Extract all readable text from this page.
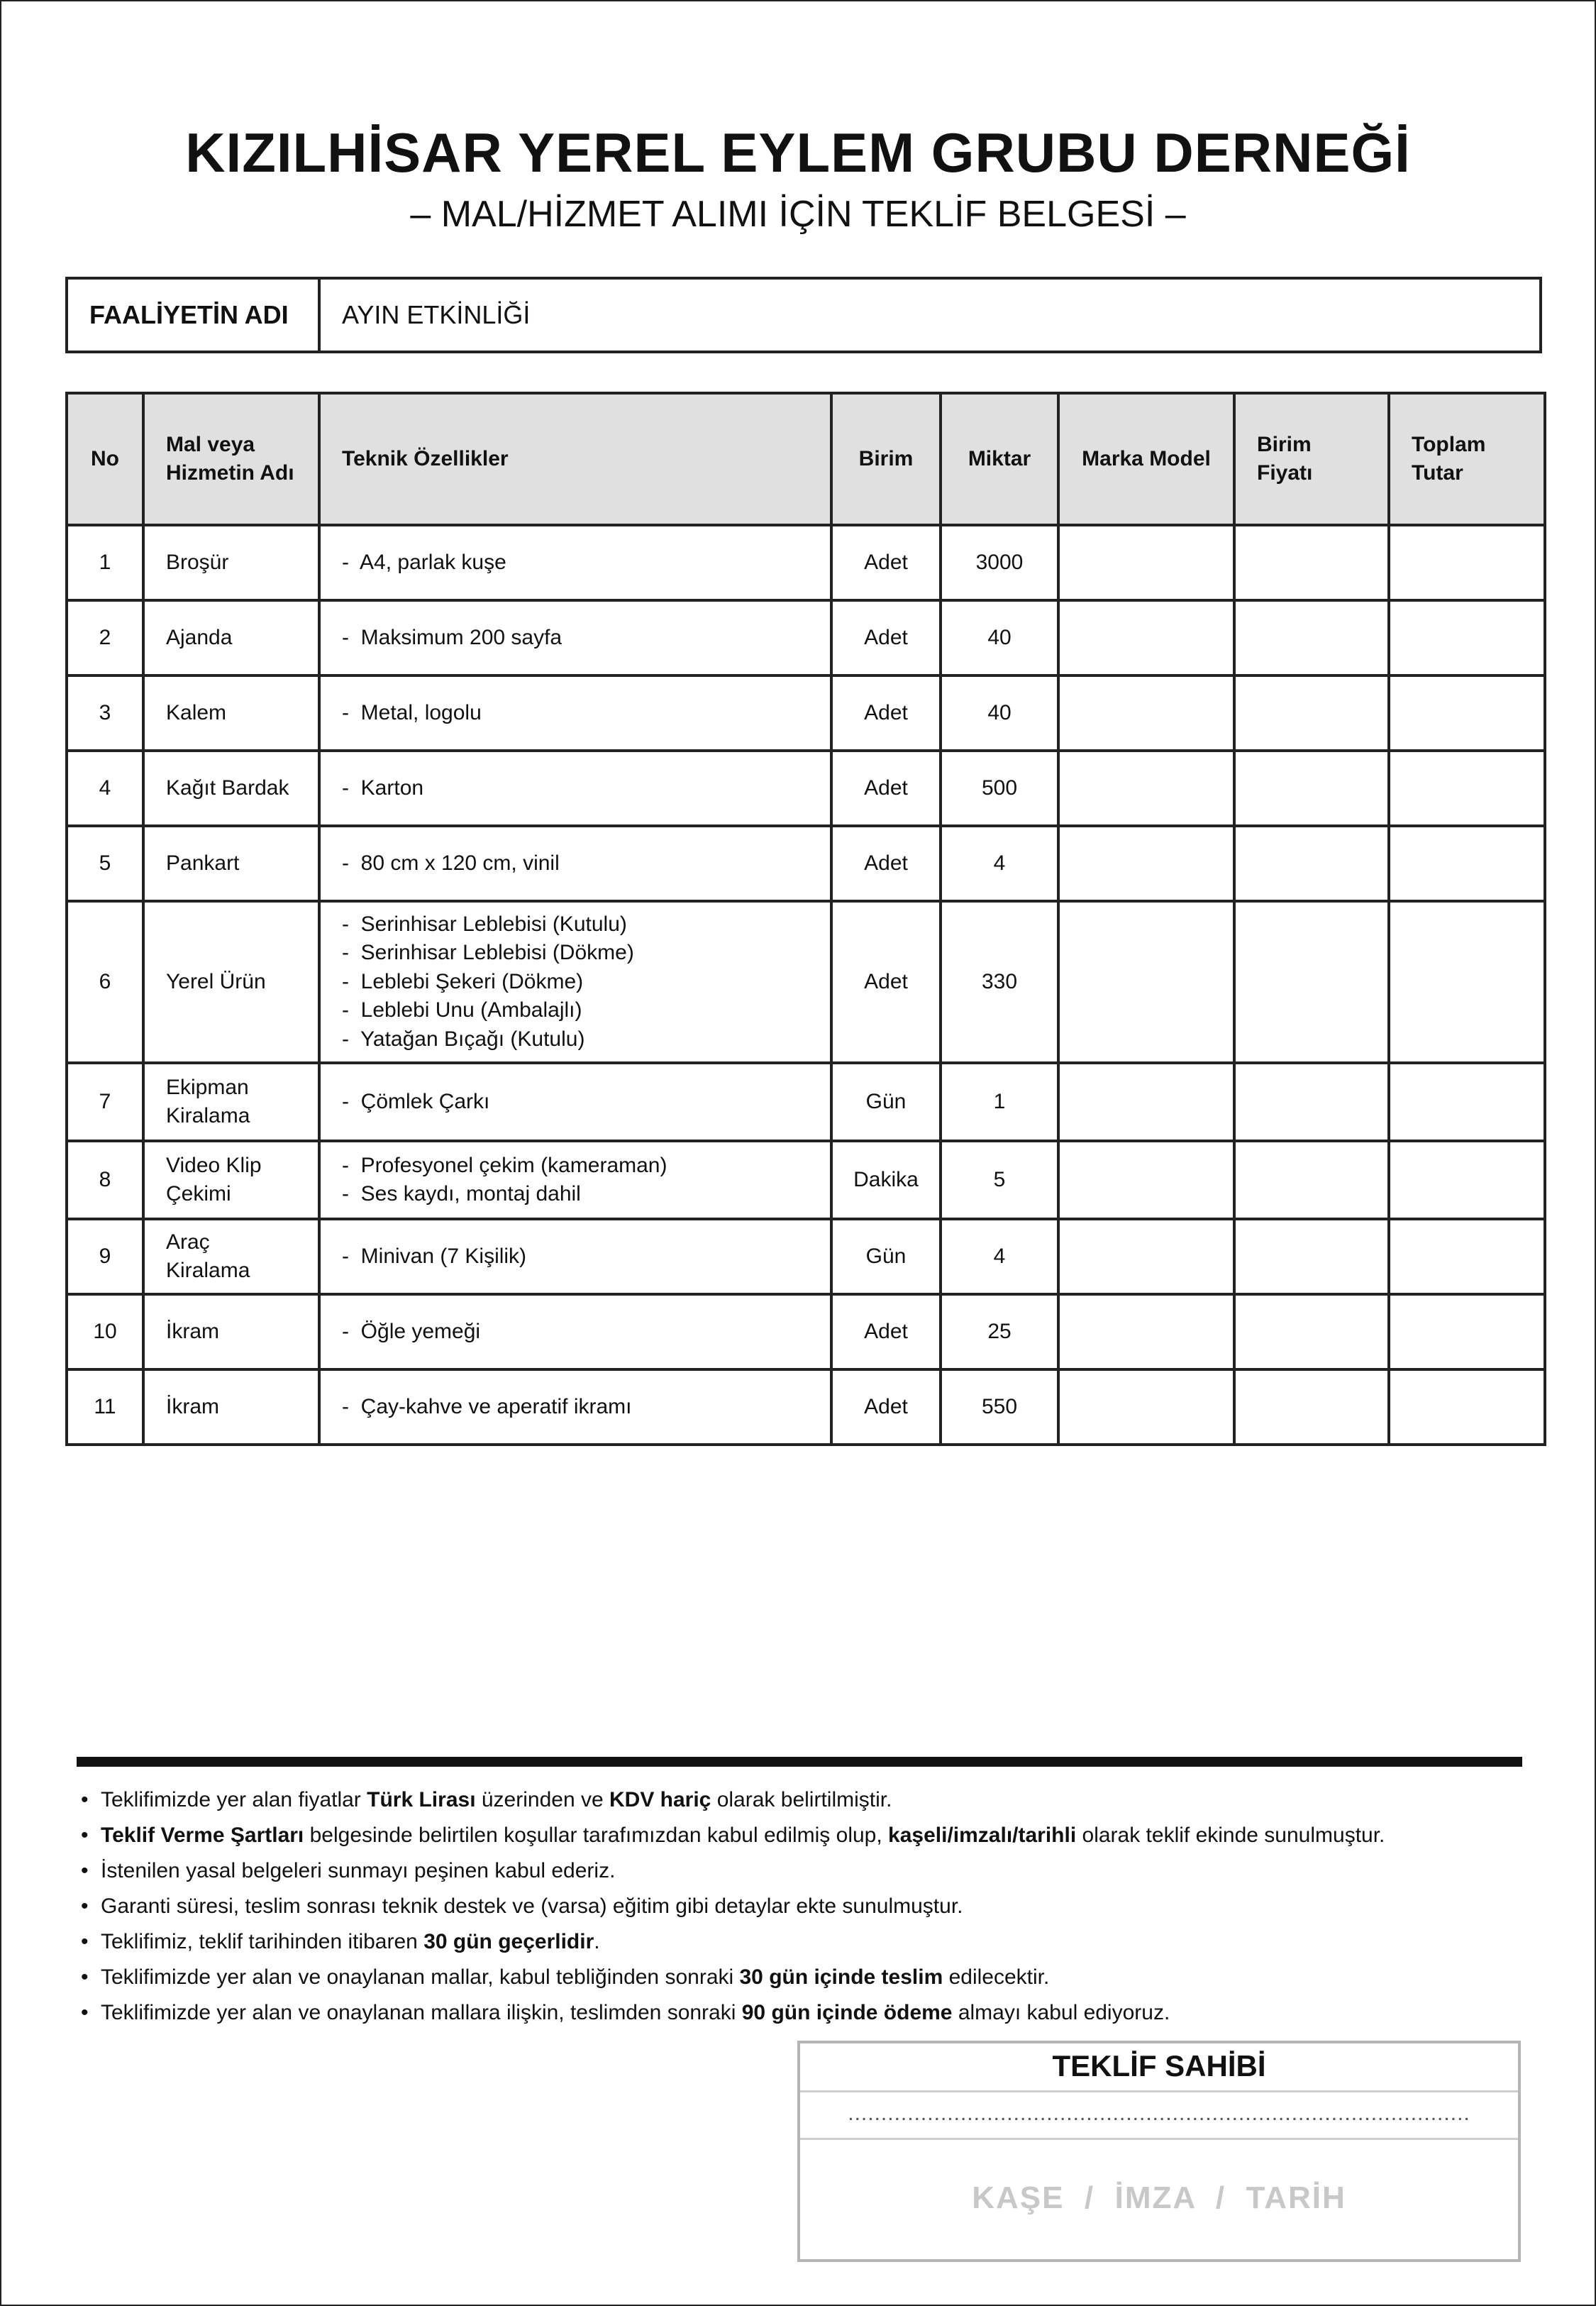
KIZILHİSAR YEREL EYLEM GRUBU DERNEĞİ
– MAL/HİZMET ALIMI İÇİN TEKLİF BELGESİ –
FAALİYETİN ADI	AYIN ETKİNLİĞİ
No	Mal veya Hizmetin Adı	Teknik Özellikler	Birim	Miktar	Marka Model	Birim Fiyatı	Toplam Tutar
1	Broşür	- A4, parlak kuşe	Adet	3000			
2	Ajanda	- Maksimum 200 sayfa	Adet	40			
3	Kalem	- Metal, logolu	Adet	40			
4	Kağıt Bardak	- Karton	Adet	500			
5	Pankart	- 80 cm x 120 cm, vinil	Adet	4			
6	Yerel Ürün	- Serinhisar Leblebisi (Kutulu)
- Serinhisar Leblebisi (Dökme)
- Leblebi Şekeri (Dökme)
- Leblebi Unu (Ambalajlı)
- Yatağan Bıçağı (Kutulu)	Adet	330			
7	Ekipman Kiralama	- Çömlek Çarkı	Gün	1			
8	Video Klip Çekimi	- Profesyonel çekim (kameraman)
- Ses kaydı, montaj dahil	Dakika	5			
9	Araç Kiralama	- Minivan (7 Kişilik)	Gün	4			
10	İkram	- Öğle yemeği	Adet	25			
11	İkram	- Çay-kahve ve aperatif ikramı	Adet	550			
• Teklifimizde yer alan fiyatlar Türk Lirası üzerinden ve KDV hariç olarak belirtilmiştir.
• Teklif Verme Şartları belgesinde belirtilen koşullar tarafımızdan kabul edilmiş olup, kaşeli/imzalı/tarihli olarak teklif ekinde sunulmuştur.
• İstenilen yasal belgeleri sunmayı peşinen kabul ederiz.
• Garanti süresi, teslim sonrası teknik destek ve (varsa) eğitim gibi detaylar ekte sunulmuştur.
• Teklifimiz, teklif tarihinden itibaren 30 gün geçerlidir.
• Teklifimizde yer alan ve onaylanan mallar, kabul tebliğinden sonraki 30 gün içinde teslim edilecektir.
• Teklifimizde yer alan ve onaylanan mallara ilişkin, teslimden sonraki 90 gün içinde ödeme almayı kabul ediyoruz.
TEKLİF SAHİBİ
..............................................................................................
KAŞE  /  İMZA  /  TARİH
